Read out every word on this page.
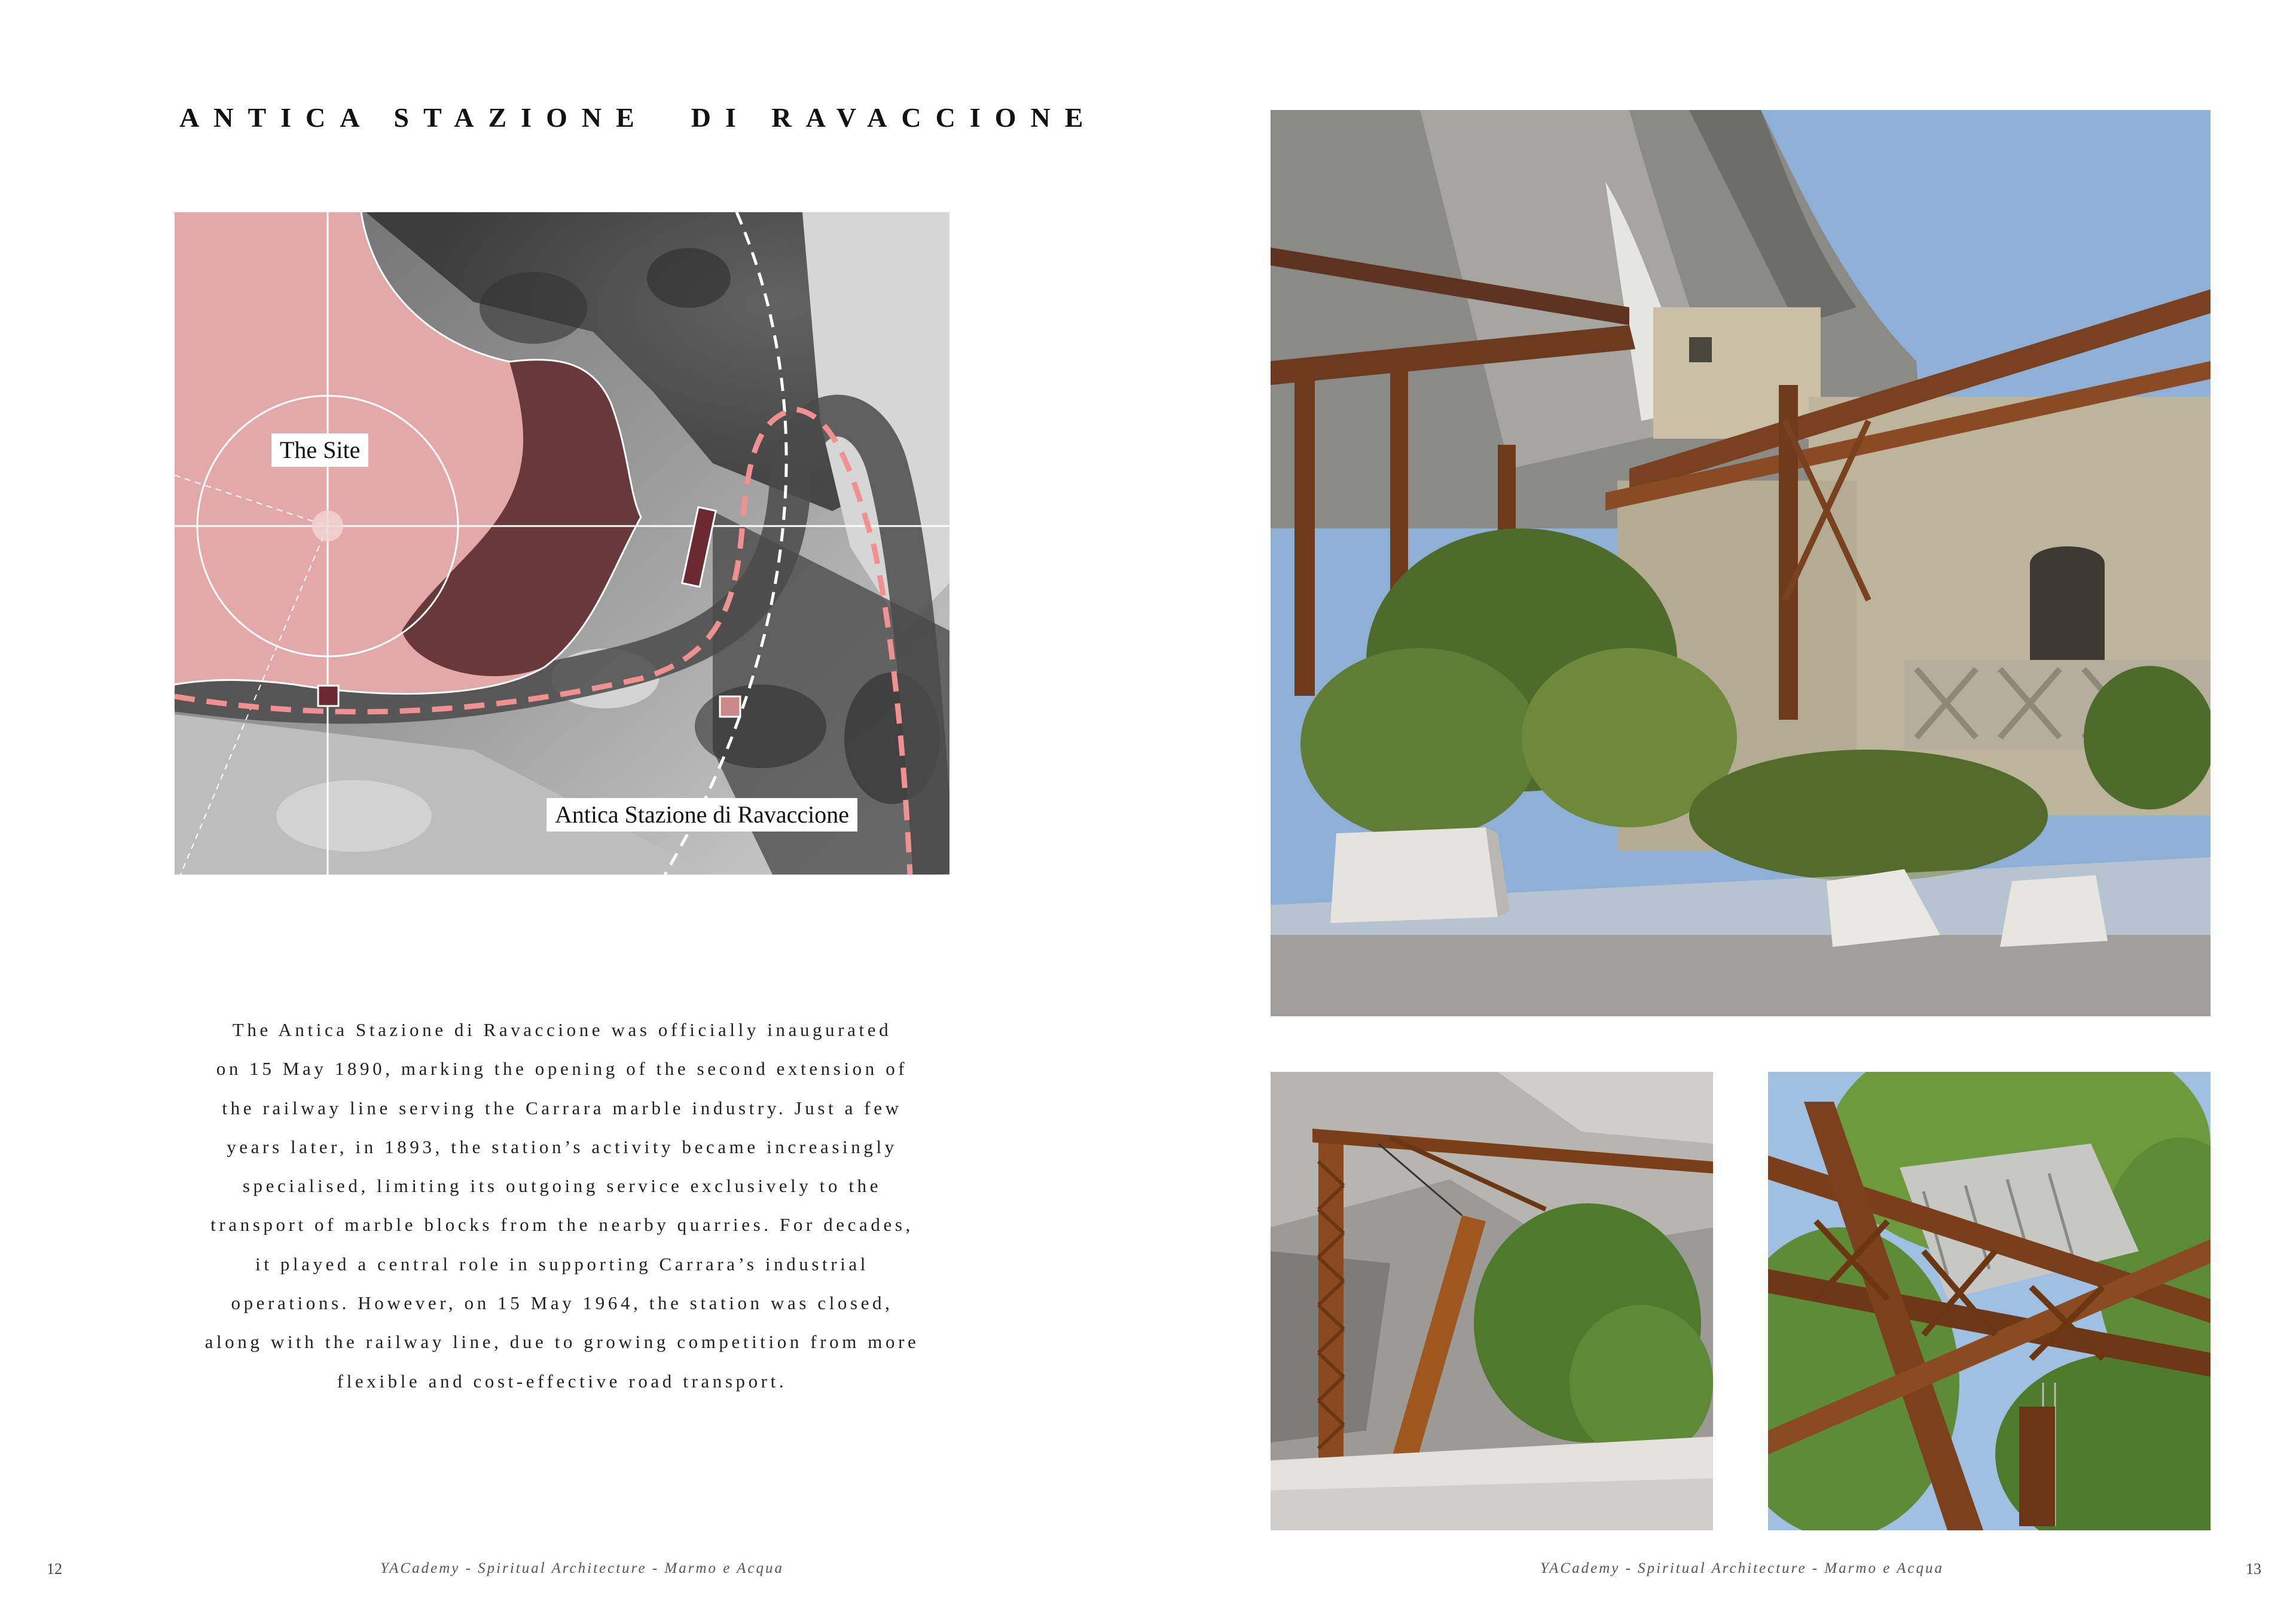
ANTICA STAZIONE  DI RAVACCIONE
The Site
Antica Stazione di Ravaccione
The Antica Stazione di Ravaccione was officially inaugurated
on 15 May 1890, marking the opening of the second extension of
the railway line serving the Carrara marble industry. Just a few
years later, in 1893, the station’s activity became increasingly
specialised, limiting its outgoing service exclusively to the
transport of marble blocks from the nearby quarries. For decades,
it played a central role in supporting Carrara’s industrial
operations. However, on 15 May 1964, the station was closed,
along with the railway line, due to growing competition from more
flexible and cost-effective road transport.
12	YACademy - Spiritual Architecture - Marmo e Acqua	YACademy - Spiritual Architecture - Marmo e Acqua	13
